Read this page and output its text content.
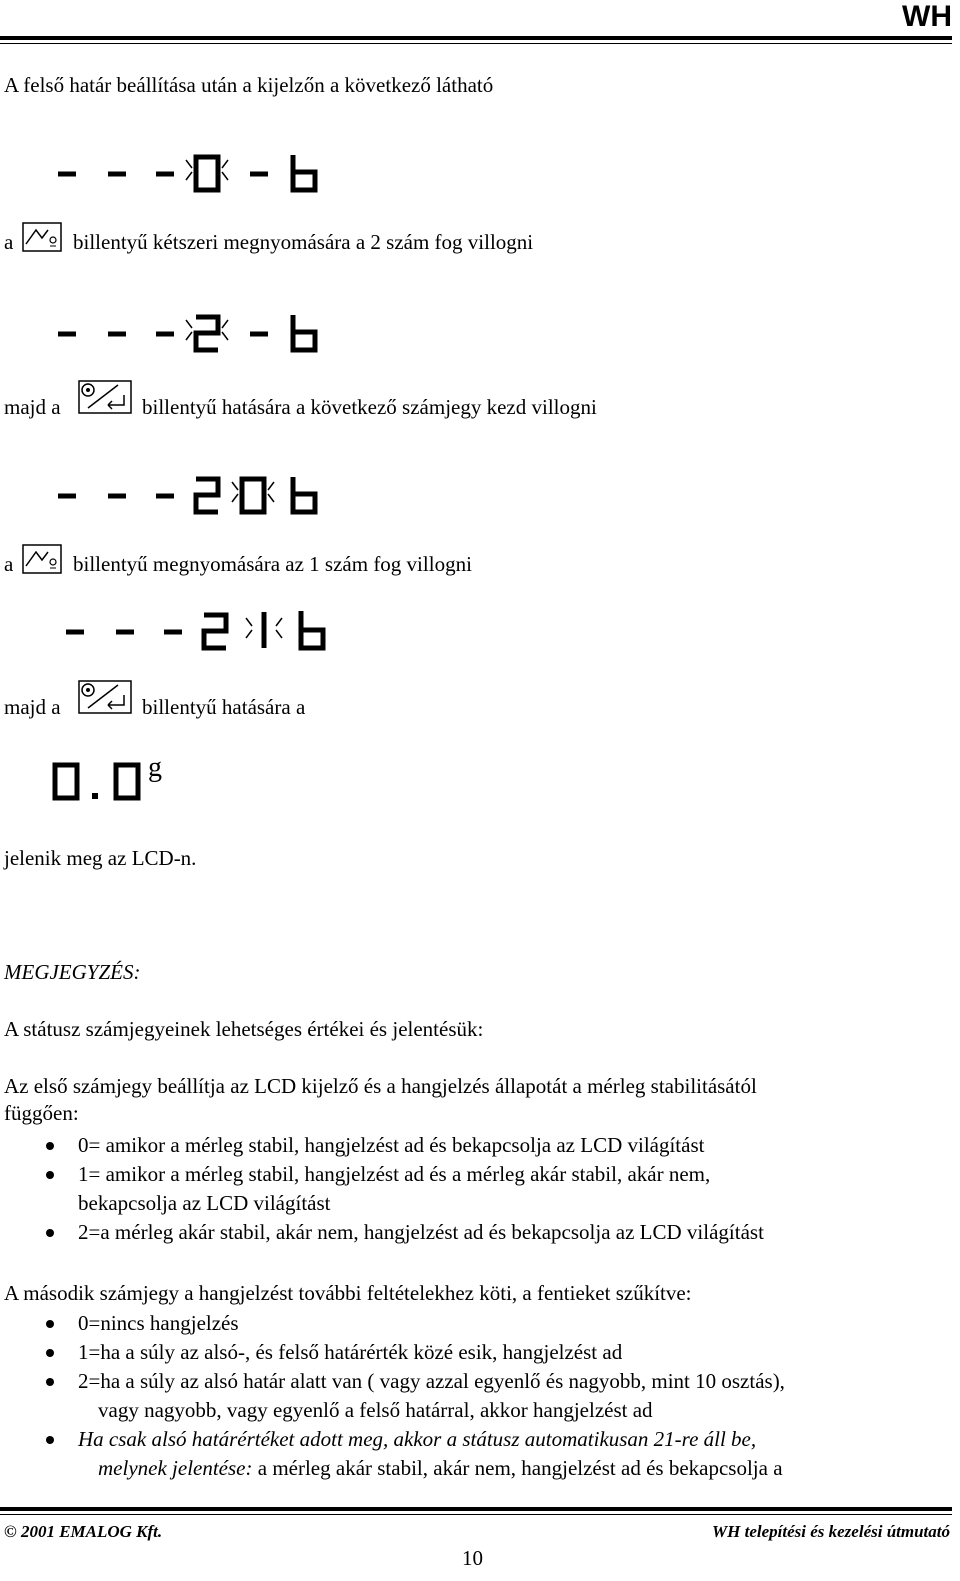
WH
A felső határ beállítása után a kijelzőn a következő látható
a	billentyű kétszeri megnyomására a 2 szám fog villogni
majd a	billentyű hatására a következő számjegy kezd villogni
a	billentyű megnyomására az 1 szám fog villogni
majd a	billentyű hatására a
g
jelenik meg az LCD-n.
MEGJEGYZÉS:
A státusz számjegyeinek lehetséges értékei és jelentésük:
Az első számjegy beállítja az LCD kijelző és a hangjelzés állapotát a mérleg stabilitásától
függően:
0= amikor a mérleg stabil, hangjelzést ad és bekapcsolja az LCD világítást
1= amikor a mérleg stabil, hangjelzést ad és a mérleg akár stabil, akár nem,
bekapcsolja az LCD világítást
2=a mérleg akár stabil, akár nem, hangjelzést ad és bekapcsolja az LCD világítást
A második számjegy a hangjelzést további feltételekhez köti, a fentieket szűkítve:
0=nincs hangjelzés
1=ha a súly az alsó-, és felső határérték közé esik, hangjelzést ad
2=ha a súly az alsó határ alatt van ( vagy azzal egyenlő és nagyobb, mint 10 osztás),
vagy nagyobb, vagy egyenlő a felső határral, akkor hangjelzést ad
Ha csak alsó határértéket adott meg, akkor a státusz automatikusan 21-re áll be,
melynek jelentése: a mérleg akár stabil, akár nem, hangjelzést ad és bekapcsolja a
© 2001 EMALOG Kft.	WH telepítési és kezelési útmutató
10
